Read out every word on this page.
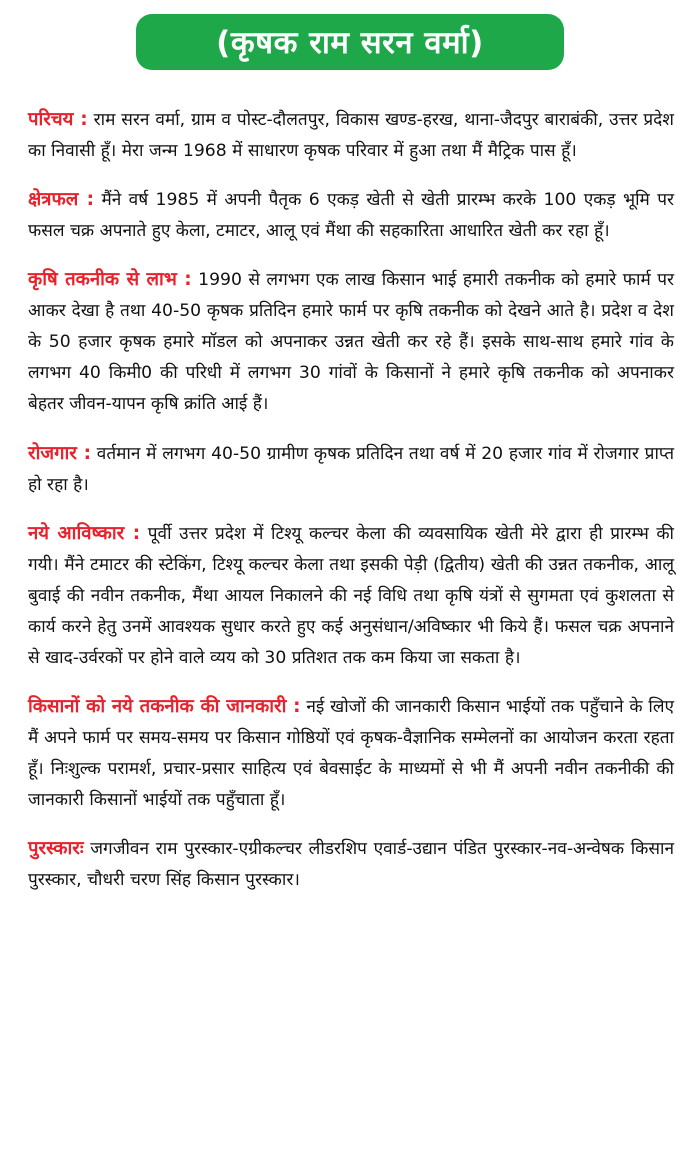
(कृषक राम सरन वर्मा)

परिचय : राम सरन वर्मा, ग्राम व पोस्ट-दौलतपुर, विकास खण्ड-हरख, थाना-जैदपुर बाराबंकी, उत्तर प्रदेश का निवासी हूँ। मेरा जन्म 1968 में साधारण कृषक परिवार में हुआ तथा मैं मैट्रिक पास हूँ।

क्षेत्रफल : मैंने वर्ष 1985 में अपनी पैतृक 6 एकड़ खेती से खेती प्रारम्भ करके 100 एकड़ भूमि पर फसल चक्र अपनाते हुए केला, टमाटर, आलू एवं मैंथा की सहकारिता आधारित खेती कर रहा हूँ।

कृषि तकनीक से लाभ : 1990 से लगभग एक लाख किसान भाई हमारी तकनीक को हमारे फार्म पर आकर देखा है तथा 40-50 कृषक प्रतिदिन हमारे फार्म पर कृषि तकनीक को देखने आते है। प्रदेश व देश के 50 हजार कृषक हमारे मॉडल को अपनाकर उन्नत खेती कर रहे हैं। इसके साथ-साथ हमारे गांव के लगभग 40 किमी0 की परिधी में लगभग 30 गांवों के किसानों ने हमारे कृषि तकनीक को अपनाकर बेहतर जीवन-यापन कृषि क्रांति आई हैं।

रोजगार : वर्तमान में लगभग 40-50 ग्रामीण कृषक प्रतिदिन तथा वर्ष में 20 हजार गांव में रोजगार प्राप्त हो रहा है।

नये आविष्कार : पूर्वी उत्तर प्रदेश में टिश्यू कल्चर केला की व्यवसायिक खेती मेरे द्वारा ही प्रारम्भ की गयी। मैंने टमाटर की स्टेकिंग, टिश्यू कल्चर केला तथा इसकी पेड़ी (द्वितीय) खेती की उन्नत तकनीक, आलू बुवाई की नवीन तकनीक, मैंथा आयल निकालने की नई विधि तथा कृषि यंत्रों से सुगमता एवं कुशलता से कार्य करने हेतु उनमें आवश्यक सुधार करते हुए कई अनुसंधान/अविष्कार भी किये हैं। फसल चक्र अपनाने से खाद-उर्वरकों पर होने वाले व्यय को 30 प्रतिशत तक कम किया जा सकता है।

किसानों को नये तकनीक की जानकारी : नई खोजों की जानकारी किसान भाईयों तक पहुँचाने के लिए मैं अपने फार्म पर समय-समय पर किसान गोष्ठियों एवं कृषक-वैज्ञानिक सम्मेलनों का आयोजन करता रहता हूँ। निःशुल्क परामर्श, प्रचार-प्रसार साहित्य एवं बेवसाईट के माध्यमों से भी मैं अपनी नवीन तकनीकी की जानकारी किसानों भाईयों तक पहुँचाता हूँ।

पुरस्कारः जगजीवन राम पुरस्कार-एग्रीकल्चर लीडरशिप एवार्ड-उद्यान पंडित पुरस्कार-नव-अन्वेषक किसान पुरस्कार, चौधरी चरण सिंह किसान पुरस्कार।
